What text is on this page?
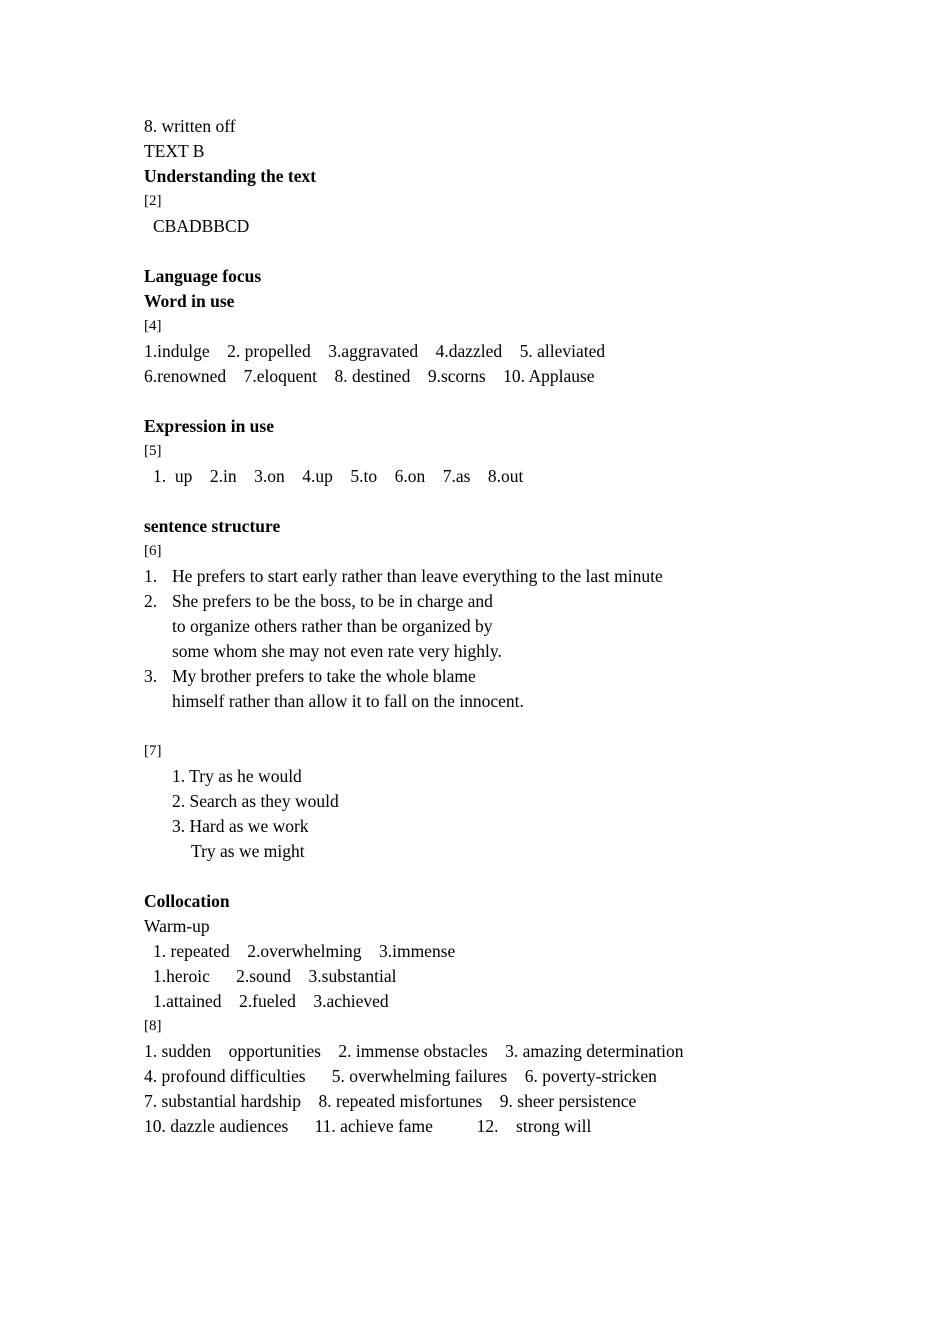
8. written off
TEXT B
Understanding the text
[2]
CBADBBCD
Language focus
Word in use
[4]
1.indulge    2. propelled    3.aggravated    4.dazzled    5. alleviated
6.renowned    7.eloquent    8. destined    9.scorns    10. Applause
Expression in use
[5]
1.  up    2.in    3.on    4.up    5.to    6.on    7.as    8.out
sentence structure
[6]
1. He prefers to start early rather than leave everything to the last minute
2. She prefers to be the boss, to be in charge and
to organize others rather than be organized by
some whom she may not even rate very highly.
3. My brother prefers to take the whole blame
himself rather than allow it to fall on the innocent.
[7]
1. Try as he would
2. Search as they would
3. Hard as we work
Try as we might
Collocation
Warm-up
1. repeated    2.overwhelming    3.immense
1.heroic      2.sound    3.substantial
1.attained    2.fueled    3.achieved
[8]
1. sudden    opportunities    2. immense obstacles    3. amazing determination
4. profound difficulties      5. overwhelming failures    6. poverty-stricken
7. substantial hardship    8. repeated misfortunes    9. sheer persistence
10. dazzle audiences      11. achieve fame          12.    strong will
